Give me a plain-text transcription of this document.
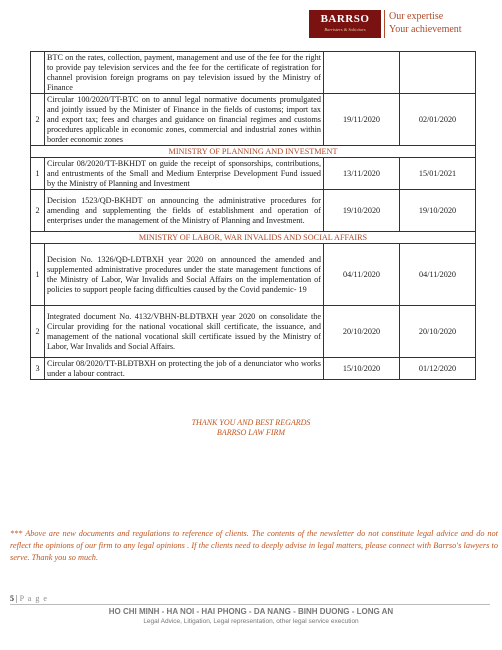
BARRSO
Barristers & Solicitors
Our expertise
Your achievement
	BTC on the rates, collection, payment, management and use of the fee for the right to provide pay television services and the fee for the certificate of registration for channel provision foreign programs on pay television issued by the Ministry of Finance		
2	Circular 100/2020/TT-BTC on to annul legal normative documents promulgated and jointly issued by the Minister of Finance in the fields of customs; import tax and export tax; fees and charges and guidance on financial regimes and customs procedures applicable in economic zones, commercial and industrial zones within border economic zones	19/11/2020	02/01/2020
MINISTRY OF PLANNING AND INVESTMENT			
1	Circular 08/2020/TT-BKHDT on guide the receipt of sponsorships, contributions, and entrustments of the Small and Medium Enterprise Development Fund issued by the Ministry of Planning and Investment	13/11/2020	15/01/2021
2	Decision 1523/QD-BKHDT on announcing the administrative procedures for amending and supplementing the fields of establishment and operation of enterprises under the management of the Ministry of Planning and Investment.	19/10/2020	19/10/2020
MINISTRY OF LABOR, WAR INVALIDS AND SOCIAL AFFAIRS			
1	Decision No. 1326/QĐ-LĐTBXH year 2020 on announced the amended and supplemented administrative procedures under the state management functions of the Ministry of Labor, War Invalids and Social Affairs on the implementation of policies to support people facing difficulties caused by the Covid pandemic- 19	04/11/2020	04/11/2020
2	Integrated document No. 4132/VBHN-BLĐTBXH year 2020 on consolidate the Circular providing for the national vocational skill certificate, the issuance, and management of the national vocational skill certificate issued by the Ministry of Labor, War Invalids and Social Affairs.	20/10/2020	20/10/2020
3	Circular 08/2020/TT-BLĐTBXH on protecting the job of a denunciator who works under a labour contract.	15/10/2020	01/12/2020
THANK YOU AND BEST REGARDS
BARRSO LAW FIRM
*** Above are new documents and regulations to reference of clients. The contents of the newsletter do not constitute legal advice and do not reflect the opinions of our firm to any legal opinions . If the clients need to deeply advise in legal matters, please connect with Barrso's lawyers to serve. Thank you so much.
5 | P a g e
HO CHI MINH - HA NOI - HAI PHONG - DA NANG - BINH DUONG - LONG AN
Legal Advice, Litigation, Legal representation, other legal service execution
